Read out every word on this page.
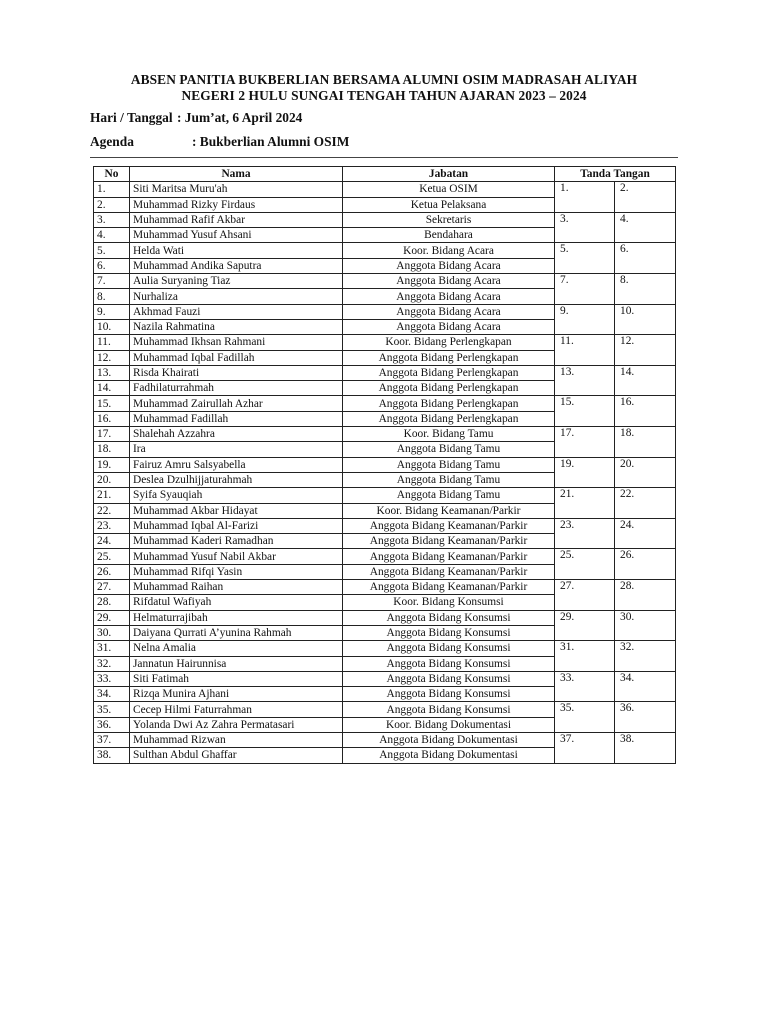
ABSEN PANITIA BUKBERLIAN BERSAMA ALUMNI OSIM MADRASAH ALIYAH
NEGERI 2 HULU SUNGAI TENGAH TAHUN AJARAN 2023 – 2024
Hari / Tanggal : Jum’at, 6 April 2024
Agenda	: Bukberlian Alumni OSIM
No	Nama	Jabatan	Tanda Tangan	
1.	Siti Maritsa Muru'ah	Ketua OSIM	1.	2.
2.	Muhammad Rizky Firdaus	Ketua Pelaksana		
3.	Muhammad Rafif Akbar	Sekretaris	3.	4.
4.	Muhammad Yusuf Ahsani	Bendahara		
5.	Helda Wati	Koor. Bidang Acara	5.	6.
6.	Muhammad Andika Saputra	Anggota Bidang Acara		
7.	Aulia Suryaning Tiaz	Anggota Bidang Acara	7.	8.
8.	Nurhaliza	Anggota Bidang Acara		
9.	Akhmad Fauzi	Anggota Bidang Acara	9.	10.
10.	Nazila Rahmatina	Anggota Bidang Acara		
11.	Muhammad Ikhsan Rahmani	Koor. Bidang Perlengkapan	11.	12.
12.	Muhammad Iqbal Fadillah	Anggota Bidang Perlengkapan		
13.	Risda Khairati	Anggota Bidang Perlengkapan	13.	14.
14.	Fadhilaturrahmah	Anggota Bidang Perlengkapan		
15.	Muhammad Zairullah Azhar	Anggota Bidang Perlengkapan	15.	16.
16.	Muhammad Fadillah	Anggota Bidang Perlengkapan		
17.	Shalehah Azzahra	Koor. Bidang Tamu	17.	18.
18.	Ira	Anggota Bidang Tamu		
19.	Fairuz Amru Salsyabella	Anggota Bidang Tamu	19.	20.
20.	Deslea Dzulhijjaturahmah	Anggota Bidang Tamu		
21.	Syifa Syauqiah	Anggota Bidang Tamu	21.	22.
22.	Muhammad Akbar Hidayat	Koor. Bidang Keamanan/Parkir		
23.	Muhammad Iqbal Al-Farizi	Anggota Bidang Keamanan/Parkir	23.	24.
24.	Muhammad Kaderi Ramadhan	Anggota Bidang Keamanan/Parkir		
25.	Muhammad Yusuf Nabil Akbar	Anggota Bidang Keamanan/Parkir	25.	26.
26.	Muhammad Rifqi Yasin	Anggota Bidang Keamanan/Parkir		
27.	Muhammad Raihan	Anggota Bidang Keamanan/Parkir	27.	28.
28.	Rifdatul Wafiyah	Koor. Bidang Konsumsi		
29.	Helmaturrajibah	Anggota Bidang Konsumsi	29.	30.
30.	Daiyana Qurrati A’yunina Rahmah	Anggota Bidang Konsumsi		
31.	Nelna Amalia	Anggota Bidang Konsumsi	31.	32.
32.	Jannatun Hairunnisa	Anggota Bidang Konsumsi		
33.	Siti Fatimah	Anggota Bidang Konsumsi	33.	34.
34.	Rizqa Munira Ajhani	Anggota Bidang Konsumsi		
35.	Cecep Hilmi Faturrahman	Anggota Bidang Konsumsi	35.	36.
36.	Yolanda Dwi Az Zahra Permatasari	Koor. Bidang Dokumentasi		
37.	Muhammad Rizwan	Anggota Bidang Dokumentasi	37.	38.
38.	Sulthan Abdul Ghaffar	Anggota Bidang Dokumentasi		
